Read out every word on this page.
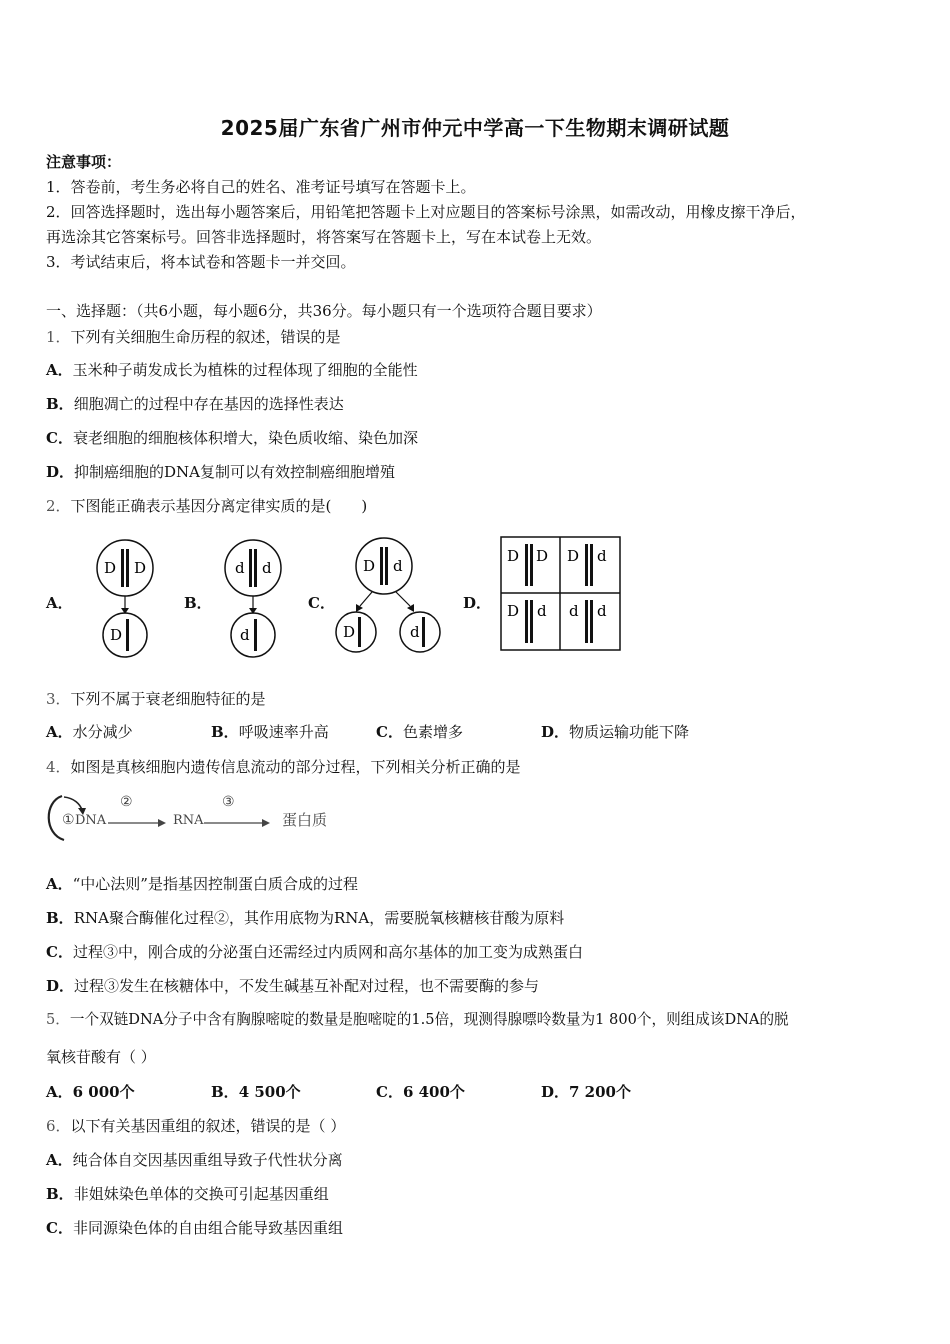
2025届广东省广州市仲元中学高一下生物期末调研试题
注意事项：
1．答卷前，考生务必将自己的姓名、准考证号填写在答题卡上。
2．回答选择题时，选出每小题答案后，用铅笔把答题卡上对应题目的答案标号涂黑，如需改动，用橡皮擦干净后，
再选涂其它答案标号。回答非选择题时，将答案写在答题卡上，写在本试卷上无效。
3．考试结束后，将本试卷和答题卡一并交回。
一、选择题：（共6小题，每小题6分，共36分。每小题只有一个选项符合题目要求）
1．下列有关细胞生命历程的叙述，错误的是
A．玉米种子萌发成长为植株的过程体现了细胞的全能性
B．细胞凋亡的过程中存在基因的选择性表达
C．衰老细胞的细胞核体积增大，染色质收缩、染色加深
D．抑制癌细胞的DNA复制可以有效控制癌细胞增殖
2．下图能正确表示基因分离定律实质的是(　　)
A．	B．	C．	D．
D D
D
d d
d
D d
D	d
D D D d
D d d d
3．下列不属于衰老细胞特征的是
A．水分减少	B．呼吸速率升高	C．色素增多	D．物质运输功能下降
4．如图是真核细胞内遗传信息流动的部分过程，下列相关分析正确的是
① DNA
②
RNA
③
蛋白质
A．“中心法则”是指基因控制蛋白质合成的过程
B．RNA聚合酶催化过程②，其作用底物为RNA，需要脱氧核糖核苷酸为原料
C．过程③中，刚合成的分泌蛋白还需经过内质网和高尔基体的加工变为成熟蛋白
D．过程③发生在核糖体中，不发生碱基互补配对过程，也不需要酶的参与
5．一个双链DNA分子中含有胸腺嘧啶的数量是胞嘧啶的1.5倍，现测得腺嘌呤数量为1 800个，则组成该DNA的脱
氧核苷酸有（ ）
A．6 000个	B．4 500个	C．6 400个	D．7 200个
6．以下有关基因重组的叙述，错误的是（ ）
A．纯合体自交因基因重组导致子代性状分离
B．非姐妹染色单体的交换可引起基因重组
C．非同源染色体的自由组合能导致基因重组
